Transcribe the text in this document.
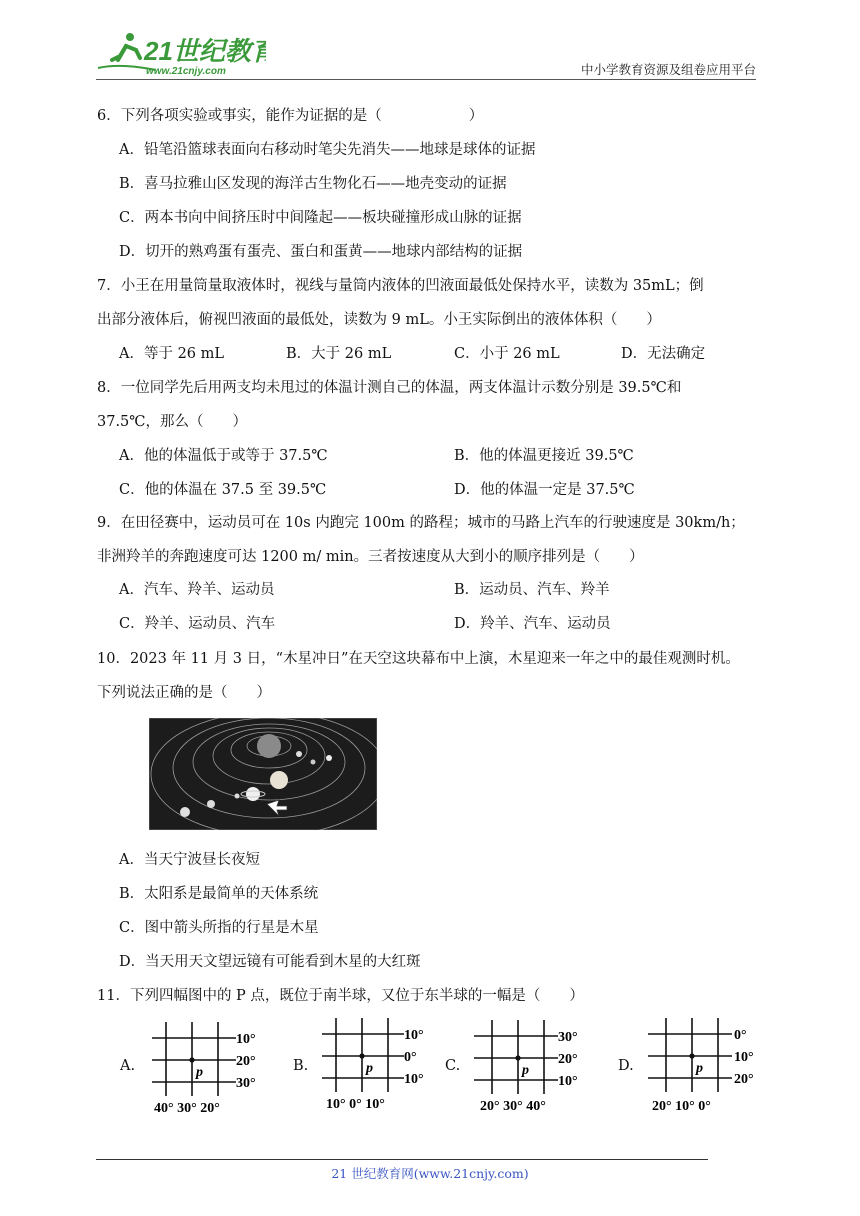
21世纪教育
www.21cnjy.com	中小学教育资源及组卷应用平台
6．下列各项实验或事实，能作为证据的是（　　　　　　）
A．铅笔沿篮球表面向右移动时笔尖先消失——地球是球体的证据
B．喜马拉雅山区发现的海洋古生物化石——地壳变动的证据
C．两本书向中间挤压时中间隆起——板块碰撞形成山脉的证据
D．切开的熟鸡蛋有蛋壳、蛋白和蛋黄——地球内部结构的证据
7．小王在用量筒量取液体时，视线与量筒内液体的凹液面最低处保持水平，读数为 35mL；倒
出部分液体后，俯视凹液面的最低处，读数为 9 mL。小王实际倒出的液体体积（　　）
A．等于 26 mL	B．大于 26 mL	C．小于 26 mL	D．无法确定
8．一位同学先后用两支均未甩过的体温计测自己的体温，两支体温计示数分别是 39.5℃和
37.5℃，那么（　　）
A．他的体温低于或等于 37.5℃	B．他的体温更接近 39.5℃
C．他的体温在 37.5 至 39.5℃	D．他的体温一定是 37.5℃
9．在田径赛中，运动员可在 10s 内跑完 100m 的路程；城市的马路上汽车的行驶速度是 30km/h；
非洲羚羊的奔跑速度可达 1200 m/ min。三者按速度从大到小的顺序排列是（　　）
A．汽车、羚羊、运动员	B．运动员、汽车、羚羊
C．羚羊、运动员、汽车	D．羚羊、汽车、运动员
10．2023 年 11 月 3 日，“木星冲日”在天空这块幕布中上演，木星迎来一年之中的最佳观测时机。
下列说法正确的是（　　）
A．当天宁波昼长夜短
B．太阳系是最简单的天体系统
C．图中箭头所指的行星是木星
D．当天用天文望远镜有可能看到木星的大红斑
11．下列四幅图中的 P 点，既位于南半球，又位于东半球的一幅是（　　）
A.	p
10°
20°
30°
40° 30° 20°
B.	p
10°
0°
10°
10° 0° 10°
C.	p
30°
20°
10°
20° 30° 40°
D.	p
0°
10°
20°
20° 10° 0°
21 世纪教育网(www.21cnjy.com)
